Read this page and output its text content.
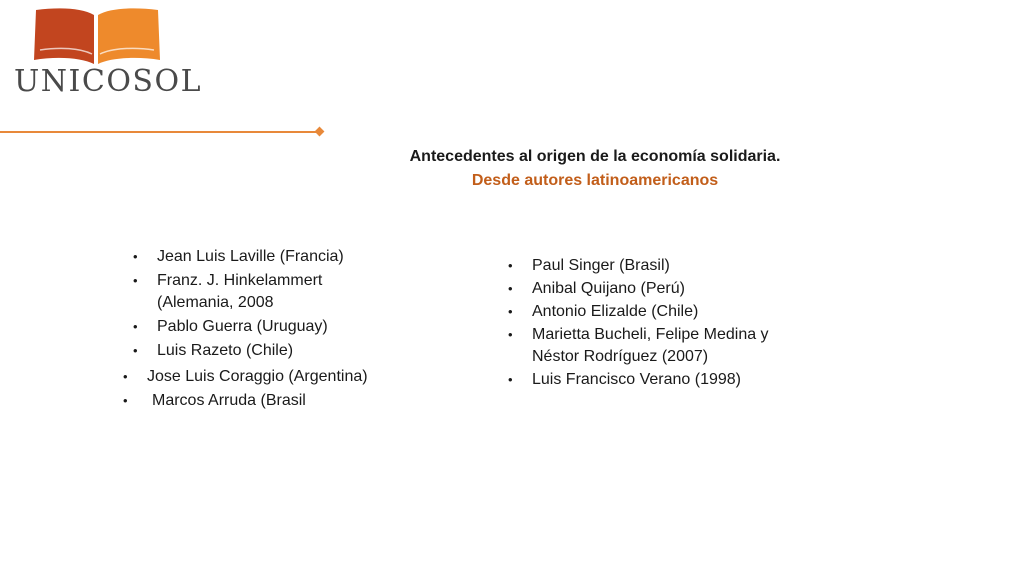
UNICOSOL
Antecedentes al origen de la economía solidaria.
Desde autores latinoamericanos
• Jean Luis Laville (Francia)
• Franz. J. Hinkelammert (Alemania, 2008
• Pablo Guerra (Uruguay)
• Luis Razeto (Chile)
• Jose Luis Coraggio (Argentina)
•	Marcos Arruda (Brasil
• Paul Singer (Brasil)
• Anibal Quijano (Perú)
• Antonio Elizalde (Chile)
• Marietta Bucheli, Felipe Medina y Néstor Rodríguez (2007)
• Luis Francisco Verano (1998)
